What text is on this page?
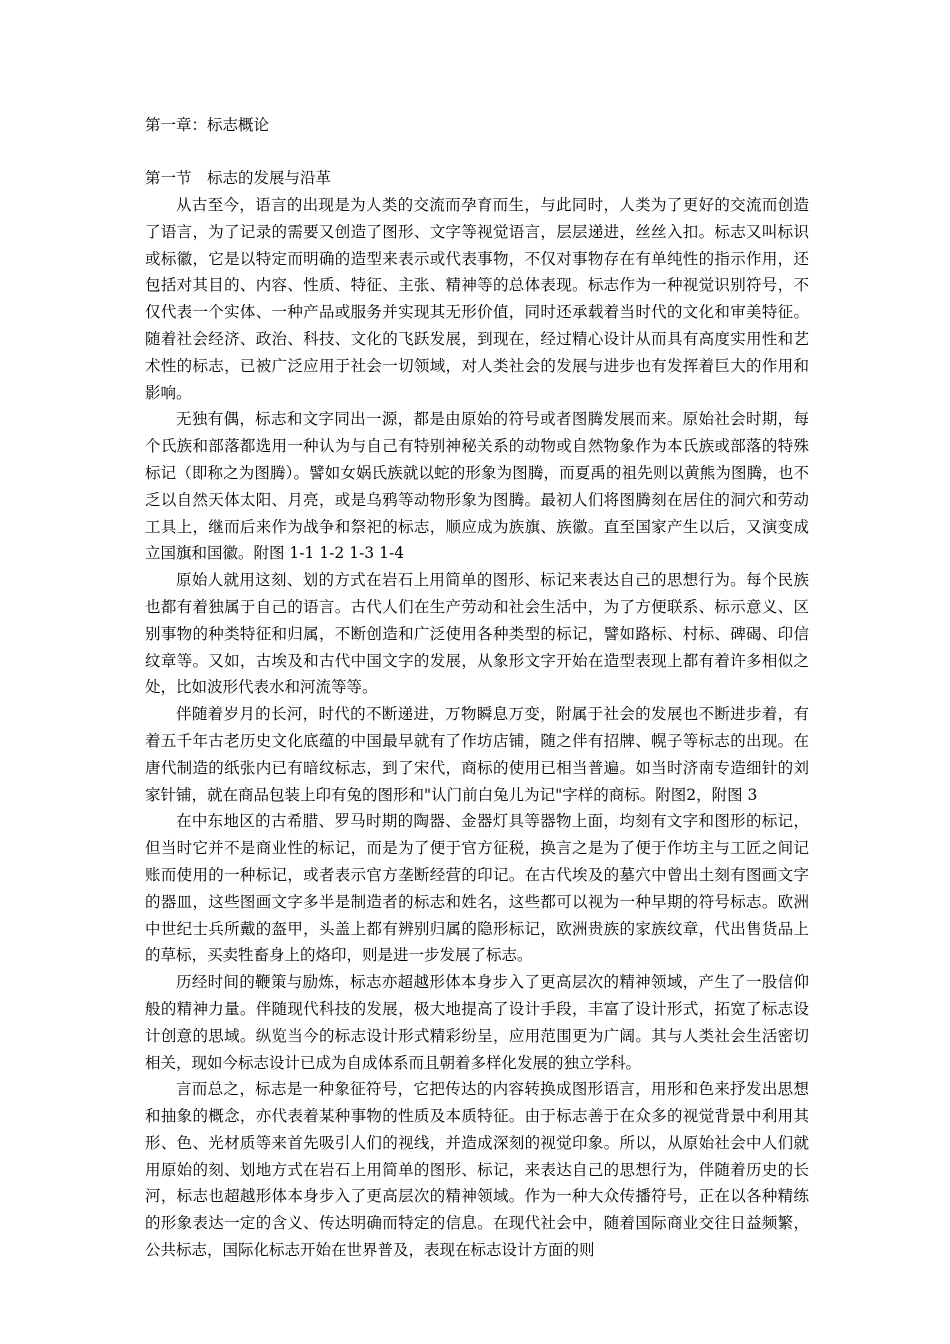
第一章：标志概论
第一节　标志的发展与沿革

从古至今，语言的出现是为人类的交流而孕育而生，与此同时，人类为了更好的交流而创造了语言，为了记录的需要又创造了图形、文字等视觉语言，层层递进，丝丝入扣。标志又叫标识或标徽，它是以特定而明确的造型来表示或代表事物，不仅对事物存在有单纯性的指示作用，还包括对其目的、内容、性质、特征、主张、精神等的总体表现。标志作为一种视觉识别符号，不仅代表一个实体、一种产品或服务并实现其无形价值，同时还承载着当时代的文化和审美特征。随着社会经济、政治、科技、文化的飞跃发展，到现在，经过精心设计从而具有高度实用性和艺术性的标志，已被广泛应用于社会一切领域，对人类社会的发展与进步也有发挥着巨大的作用和影响。

无独有偶，标志和文字同出一源，都是由原始的符号或者图腾发展而来。原始社会时期，每个氏族和部落都选用一种认为与自己有特别神秘关系的动物或自然物象作为本氏族或部落的特殊标记（即称之为图腾）。譬如女娲氏族就以蛇的形象为图腾，而夏禹的祖先则以黄熊为图腾，也不乏以自然天体太阳、月亮，或是乌鸦等动物形象为图腾。最初人们将图腾刻在居住的洞穴和劳动工具上，继而后来作为战争和祭祀的标志，顺应成为族旗、族徽。直至国家产生以后，又演变成立国旗和国徽。附图 1-1 1-2 1-3 1-4

原始人就用这刻、划的方式在岩石上用简单的图形、标记来表达自己的思想行为。每个民族也都有着独属于自己的语言。古代人们在生产劳动和社会生活中，为了方便联系、标示意义、区别事物的种类特征和归属，不断创造和广泛使用各种类型的标记，譬如路标、村标、碑碣、印信纹章等。又如，古埃及和古代中国文字的发展，从象形文字开始在造型表现上都有着许多相似之处，比如波形代表水和河流等等。

伴随着岁月的长河，时代的不断递进，万物瞬息万变，附属于社会的发展也不断进步着，有着五千年古老历史文化底蕴的中国最早就有了作坊店铺，随之伴有招牌、幌子等标志的出现。在唐代制造的纸张内已有暗纹标志，到了宋代，商标的使用已相当普遍。如当时济南专造细针的刘家针铺，就在商品包装上印有兔的图形和"认门前白兔儿为记"字样的商标。附图2，附图 3

在中东地区的古希腊、罗马时期的陶器、金器灯具等器物上面，均刻有文字和图形的标记，但当时它并不是商业性的标记，而是为了便于官方征税，换言之是为了便于作坊主与工匠之间记账而使用的一种标记，或者表示官方垄断经营的印记。在古代埃及的墓穴中曾出土刻有图画文字的器皿，这些图画文字多半是制造者的标志和姓名，这些都可以视为一种早期的符号标志。欧洲中世纪士兵所戴的盔甲，头盖上都有辨别归属的隐形标记，欧洲贵族的家族纹章，代出售货品上的草标，买卖牲畜身上的烙印，则是进一步发展了标志。

历经时间的鞭策与励炼，标志亦超越形体本身步入了更高层次的精神领域，产生了一股信仰般的精神力量。伴随现代科技的发展，极大地提高了设计手段，丰富了设计形式，拓宽了标志设计创意的思域。纵览当今的标志设计形式精彩纷呈，应用范围更为广阔。其与人类社会生活密切相关，现如今标志设计已成为自成体系而且朝着多样化发展的独立学科。

言而总之，标志是一种象征符号，它把传达的内容转换成图形语言，用形和色来抒发出思想和抽象的概念，亦代表着某种事物的性质及本质特征。由于标志善于在众多的视觉背景中利用其形、色、光材质等来首先吸引人们的视线，并造成深刻的视觉印象。所以，从原始社会中人们就用原始的刻、划地方式在岩石上用简单的图形、标记，来表达自己的思想行为，伴随着历史的长河，标志也超越形体本身步入了更高层次的精神领域。作为一种大众传播符号，正在以各种精练的形象表达一定的含义、传达明确而特定的信息。在现代社会中，随着国际商业交往日益频繁，公共标志，国际化标志开始在世界普及，表现在标志设计方面的则
